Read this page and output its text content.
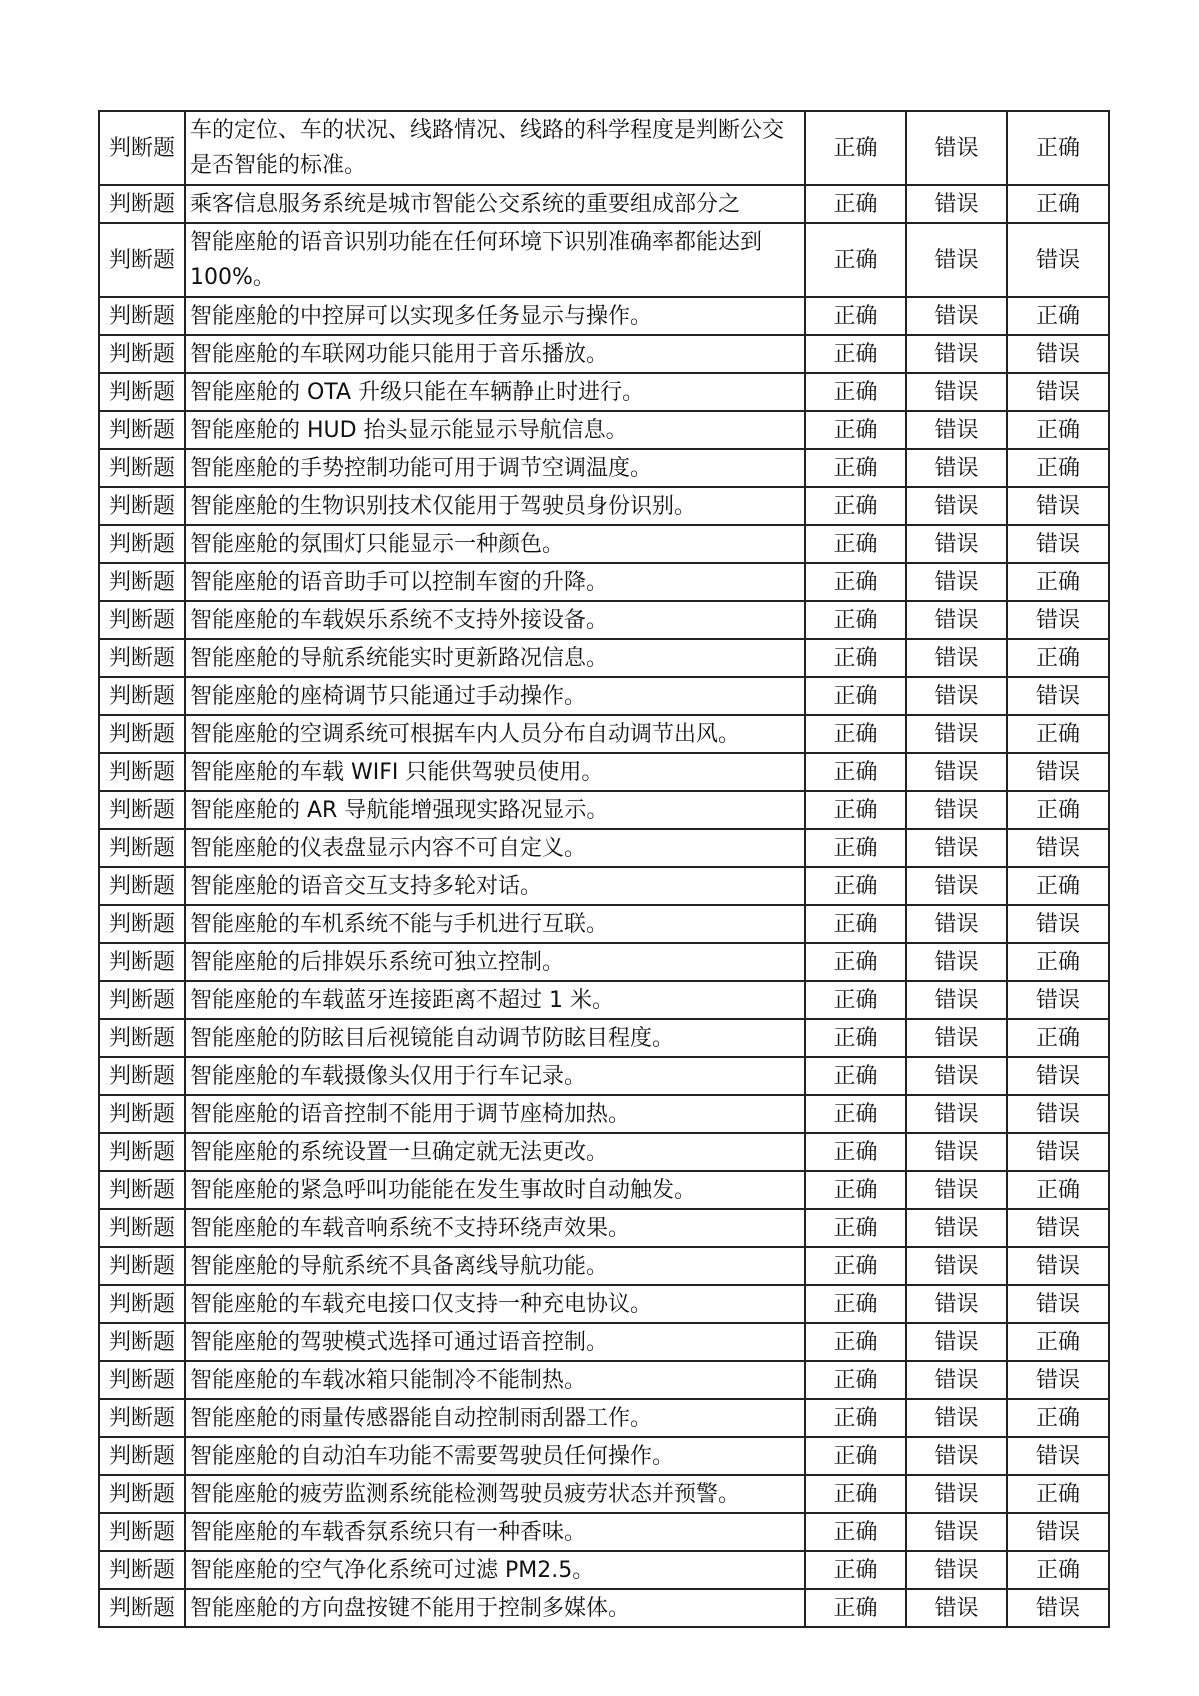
判断题	车的定位、车的状况、线路情况、线路的科学程度是判断公交是否智能的标准。	正确	错误	正确
判断题	乘客信息服务系统是城市智能公交系统的重要组成部分之	正确	错误	正确
判断题	智能座舱的语音识别功能在任何环境下识别准确率都能达到 100%。	正确	错误	错误
判断题	智能座舱的中控屏可以实现多任务显示与操作。	正确	错误	正确
判断题	智能座舱的车联网功能只能用于音乐播放。	正确	错误	错误
判断题	智能座舱的 OTA 升级只能在车辆静止时进行。	正确	错误	错误
判断题	智能座舱的 HUD 抬头显示能显示导航信息。	正确	错误	正确
判断题	智能座舱的手势控制功能可用于调节空调温度。	正确	错误	正确
判断题	智能座舱的生物识别技术仅能用于驾驶员身份识别。	正确	错误	错误
判断题	智能座舱的氛围灯只能显示一种颜色。	正确	错误	错误
判断题	智能座舱的语音助手可以控制车窗的升降。	正确	错误	正确
判断题	智能座舱的车载娱乐系统不支持外接设备。	正确	错误	错误
判断题	智能座舱的导航系统能实时更新路况信息。	正确	错误	正确
判断题	智能座舱的座椅调节只能通过手动操作。	正确	错误	错误
判断题	智能座舱的空调系统可根据车内人员分布自动调节出风。	正确	错误	正确
判断题	智能座舱的车载 WIFI 只能供驾驶员使用。	正确	错误	错误
判断题	智能座舱的 AR 导航能增强现实路况显示。	正确	错误	正确
判断题	智能座舱的仪表盘显示内容不可自定义。	正确	错误	错误
判断题	智能座舱的语音交互支持多轮对话。	正确	错误	正确
判断题	智能座舱的车机系统不能与手机进行互联。	正确	错误	错误
判断题	智能座舱的后排娱乐系统可独立控制。	正确	错误	正确
判断题	智能座舱的车载蓝牙连接距离不超过 1 米。	正确	错误	错误
判断题	智能座舱的防眩目后视镜能自动调节防眩目程度。	正确	错误	正确
判断题	智能座舱的车载摄像头仅用于行车记录。	正确	错误	错误
判断题	智能座舱的语音控制不能用于调节座椅加热。	正确	错误	错误
判断题	智能座舱的系统设置一旦确定就无法更改。	正确	错误	错误
判断题	智能座舱的紧急呼叫功能能在发生事故时自动触发。	正确	错误	正确
判断题	智能座舱的车载音响系统不支持环绕声效果。	正确	错误	错误
判断题	智能座舱的导航系统不具备离线导航功能。	正确	错误	错误
判断题	智能座舱的车载充电接口仅支持一种充电协议。	正确	错误	错误
判断题	智能座舱的驾驶模式选择可通过语音控制。	正确	错误	正确
判断题	智能座舱的车载冰箱只能制冷不能制热。	正确	错误	错误
判断题	智能座舱的雨量传感器能自动控制雨刮器工作。	正确	错误	正确
判断题	智能座舱的自动泊车功能不需要驾驶员任何操作。	正确	错误	错误
判断题	智能座舱的疲劳监测系统能检测驾驶员疲劳状态并预警。	正确	错误	正确
判断题	智能座舱的车载香氛系统只有一种香味。	正确	错误	错误
判断题	智能座舱的空气净化系统可过滤 PM2.5。	正确	错误	正确
判断题	智能座舱的方向盘按键不能用于控制多媒体。	正确	错误	错误
